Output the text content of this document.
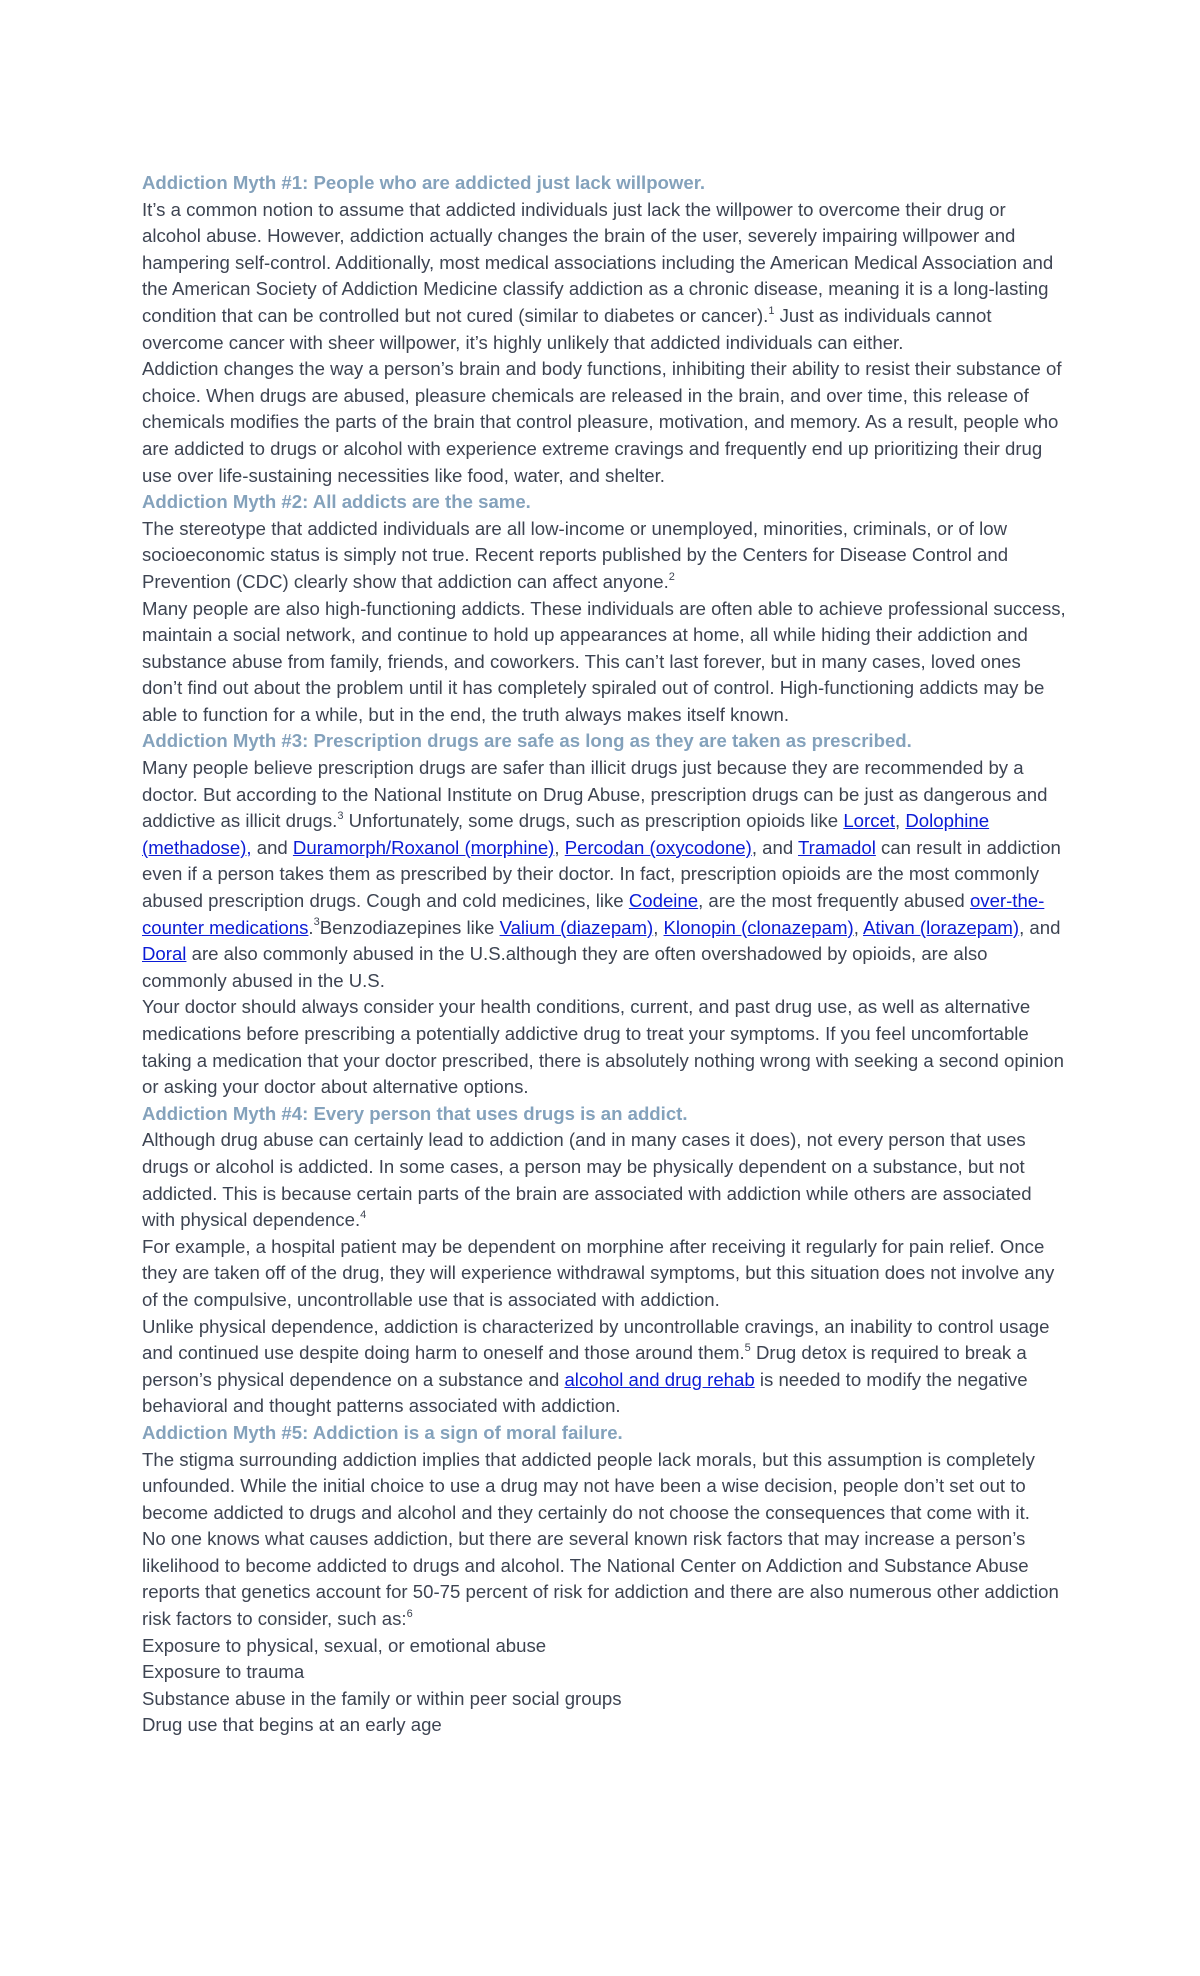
Addiction Myth #1: People who are addicted just lack willpower.

It’s a common notion to assume that addicted individuals just lack the willpower to overcome their drug or alcohol abuse. However, addiction actually changes the brain of the user, severely impairing willpower and hampering self-control. Additionally, most medical associations including the American Medical Association and the American Society of Addiction Medicine classify addiction as a chronic disease, meaning it is a long-lasting condition that can be controlled but not cured (similar to diabetes or cancer).$^1$ Just as individuals cannot overcome cancer with sheer willpower, it’s highly unlikely that addicted individuals can either.

Addiction changes the way a person’s brain and body functions, inhibiting their ability to resist their substance of choice. When drugs are abused, pleasure chemicals are released in the brain, and over time, this release of chemicals modifies the parts of the brain that control pleasure, motivation, and memory. As a result, people who are addicted to drugs or alcohol with experience extreme cravings and frequently end up prioritizing their drug use over life-sustaining necessities like food, water, and shelter.

Addiction Myth #2: All addicts are the same.

The stereotype that addicted individuals are all low-income or unemployed, minorities, criminals, or of low socioeconomic status is simply not true. Recent reports published by the Centers for Disease Control and Prevention (CDC) clearly show that addiction can affect anyone.$^2$

Many people are also high-functioning addicts. These individuals are often able to achieve professional success, maintain a social network, and continue to hold up appearances at home, all while hiding their addiction and substance abuse from family, friends, and coworkers. This can’t last forever, but in many cases, loved ones don’t find out about the problem until it has completely spiraled out of control. High-functioning addicts may be able to function for a while, but in the end, the truth always makes itself known.

Addiction Myth #3: Prescription drugs are safe as long as they are taken as prescribed.

Many people believe prescription drugs are safer than illicit drugs just because they are recommended by a doctor. But according to the National Institute on Drug Abuse, prescription drugs can be just as dangerous and addictive as illicit drugs.$^3$ Unfortunately, some drugs, such as prescription opioids like Lorcet, Dolophine (methadose), and Duramorph/Roxanol (morphine), Percodan (oxycodone), and Tramadol can result in addiction even if a person takes them as prescribed by their doctor. In fact, prescription opioids are the most commonly abused prescription drugs. Cough and cold medicines, like Codeine, are the most frequently abused over-the-counter medications.$^3$Benzodiazepines like Valium (diazepam), Klonopin (clonazepam), Ativan (lorazepam), and Doral are also commonly abused in the U.S.although they are often overshadowed by opioids, are also commonly abused in the U.S.

Your doctor should always consider your health conditions, current, and past drug use, as well as alternative medications before prescribing a potentially addictive drug to treat your symptoms. If you feel uncomfortable taking a medication that your doctor prescribed, there is absolutely nothing wrong with seeking a second opinion or asking your doctor about alternative options.

Addiction Myth #4: Every person that uses drugs is an addict.

Although drug abuse can certainly lead to addiction (and in many cases it does), not every person that uses drugs or alcohol is addicted. In some cases, a person may be physically dependent on a substance, but not addicted. This is because certain parts of the brain are associated with addiction while others are associated with physical dependence.$^4$

For example, a hospital patient may be dependent on morphine after receiving it regularly for pain relief. Once they are taken off of the drug, they will experience withdrawal symptoms, but this situation does not involve any of the compulsive, uncontrollable use that is associated with addiction.

Unlike physical dependence, addiction is characterized by uncontrollable cravings, an inability to control usage and continued use despite doing harm to oneself and those around them.$^5$ Drug detox is required to break a person’s physical dependence on a substance and alcohol and drug rehab is needed to modify the negative behavioral and thought patterns associated with addiction.

Addiction Myth #5: Addiction is a sign of moral failure.

The stigma surrounding addiction implies that addicted people lack morals, but this assumption is completely unfounded. While the initial choice to use a drug may not have been a wise decision, people don’t set out to become addicted to drugs and alcohol and they certainly do not choose the consequences that come with it.

No one knows what causes addiction, but there are several known risk factors that may increase a person’s likelihood to become addicted to drugs and alcohol. The National Center on Addiction and Substance Abuse reports that genetics account for 50-75 percent of risk for addiction and there are also numerous other addiction risk factors to consider, such as:$^6$

Exposure to physical, sexual, or emotional abuse

Exposure to trauma

Substance abuse in the family or within peer social groups

Drug use that begins at an early age
